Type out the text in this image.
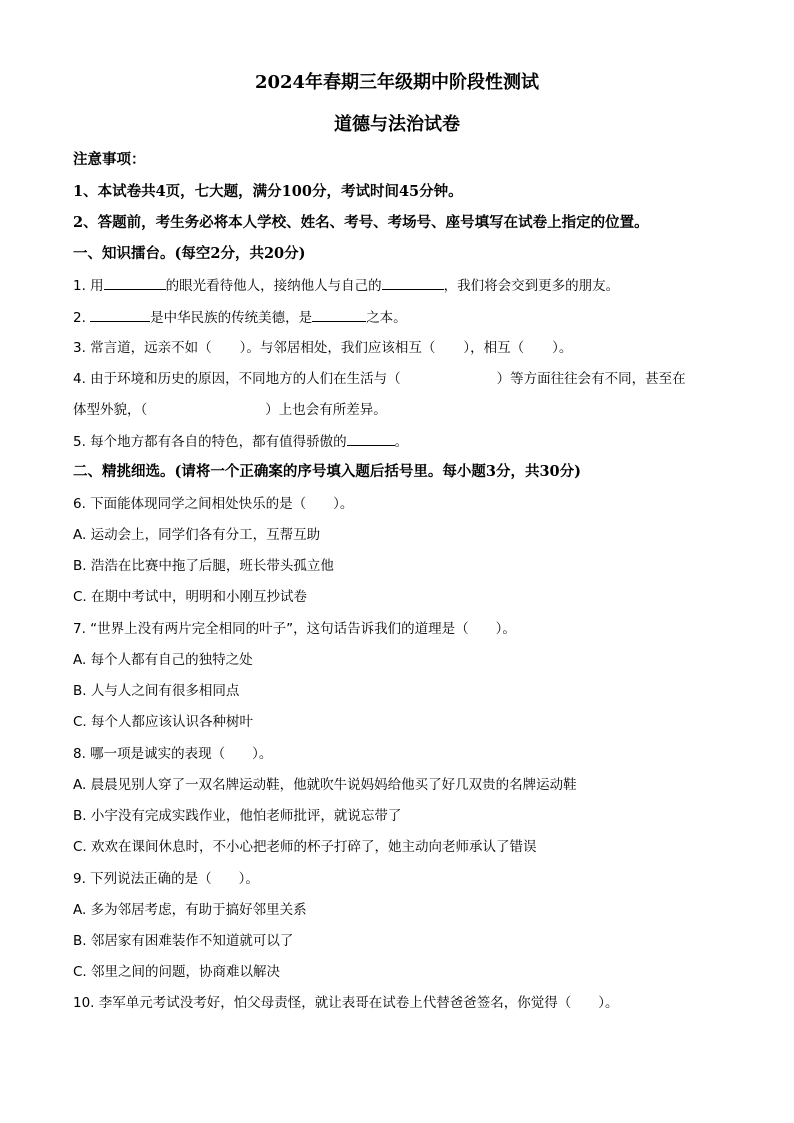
2024年春期三年级期中阶段性测试
道德与法治试卷
注意事项：
1、本试卷共4页，七大题，满分100分，考试时间45分钟。
2、答题前，考生务必将本人学校、姓名、考号、考场号、座号填写在试卷上指定的位置。
一、知识擂台。(每空2分，共20分)
1. 用	的眼光看待他人，接纳他人与自己的	，我们将会交到更多的朋友。
2.	是中华民族的传统美德，是	之本。
3. 常言道，远亲不如（ ）。与邻居相处，我们应该相互（ ），相互（ ）。
4. 由于环境和历史的原因，不同地方的人们在生活与（	）等方面往往会有不同，甚至在
体型外貌，（	）上也会有所差异。
5. 每个地方都有各自的特色，都有值得骄傲的	。
二、精挑细选。(请将一个正确案的序号填入题后括号里。每小题3分，共30分)
6. 下面能体现同学之间相处快乐的是（　　）。
A. 运动会上，同学们各有分工，互帮互助
B. 浩浩在比赛中拖了后腿，班长带头孤立他
C. 在期中考试中，明明和小刚互抄试卷
7. “世界上没有两片完全相同的叶子”，这句话告诉我们的道理是（　　）。
A. 每个人都有自己的独特之处
B. 人与人之间有很多相同点
C. 每个人都应该认识各种树叶
8. 哪一项是诚实的表现（　　）。
A. 晨晨见别人穿了一双名牌运动鞋，他就吹牛说妈妈给他买了好几双贵的名牌运动鞋
B. 小宇没有完成实践作业，他怕老师批评，就说忘带了
C. 欢欢在课间休息时，不小心把老师的杯子打碎了，她主动向老师承认了错误
9. 下列说法正确的是（　　）。
A. 多为邻居考虑，有助于搞好邻里关系
B. 邻居家有困难装作不知道就可以了
C. 邻里之间的问题，协商难以解决
10. 李军单元考试没考好，怕父母责怪，就让表哥在试卷上代替爸爸签名，你觉得（　　）。
